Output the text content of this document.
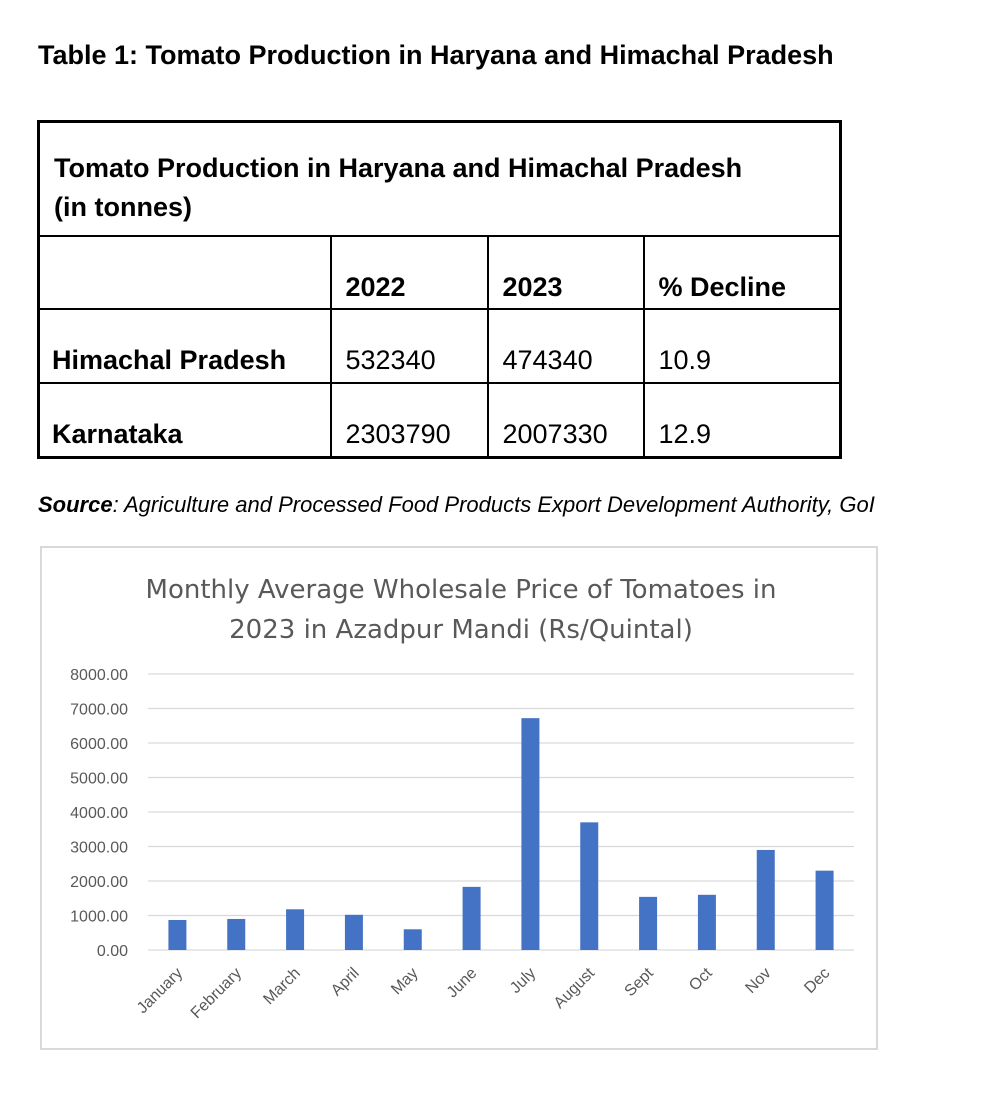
Table 1: Tomato Production in Haryana and Himachal Pradesh
Tomato Production in Haryana and Himachal Pradesh
(in tonnes)			
	2022	2023	% Decline
Himachal Pradesh	532340	474340	10.9
Karnataka	2303790	2007330	12.9
Source: Agriculture and Processed Food Products Export Development Authority, GoI
Monthly Average Wholesale Price of Tomatoes in
2023 in Azadpur Mandi (Rs/Quintal)
0.00
1000.00
2000.00
3000.00
4000.00
5000.00
6000.00
7000.00
8000.00
January February March April May June July August Sept Oct Nov Dec
